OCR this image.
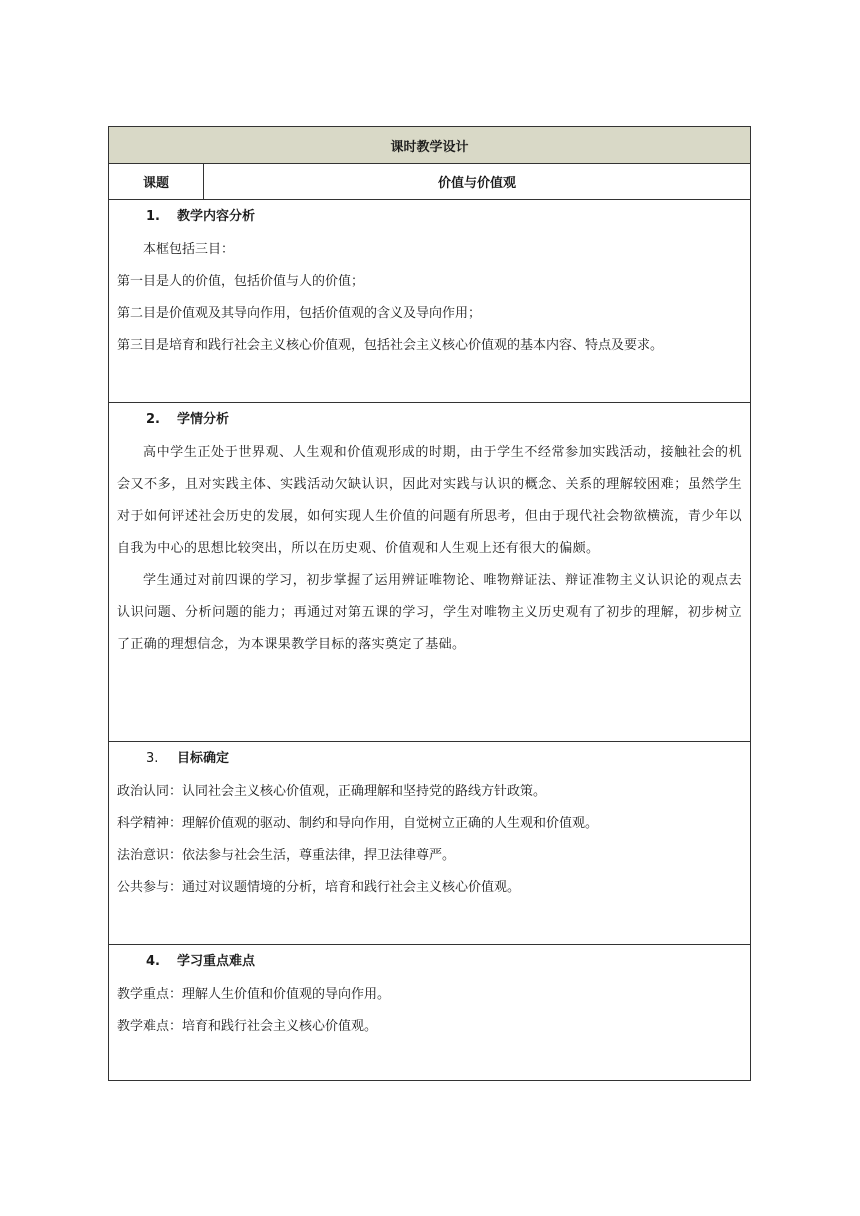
课时教学设计
课题	价值与价值观
1. 教学内容分析

本框包括三目：

第一目是人的价值，包括价值与人的价值；

第二目是价值观及其导向作用，包括价值观的含义及导向作用；

第三目是培育和践行社会主义核心价值观，包括社会主义核心价值观的基本内容、特点及要求。

2. 学情分析

高中学生正处于世界观、人生观和价值观形成的时期，由于学生不经常参加实践活动，接触社会的机会又不多，且对实践主体、实践活动欠缺认识，因此对实践与认识的概念、关系的理解较困难；虽然学生对于如何评述社会历史的发展，如何实现人生价值的问题有所思考，但由于现代社会物欲横流，青少年以自我为中心的思想比较突出，所以在历史观、价值观和人生观上还有很大的偏颇。

学生通过对前四课的学习，初步掌握了运用辨证唯物论、唯物辩证法、辩证准物主义认识论的观点去认识问题、分析问题的能力；再通过对第五课的学习，学生对唯物主义历史观有了初步的理解，初步树立了正确的理想信念，为本课果教学目标的落实奠定了基础。

3. 目标确定

政治认同：认同社会主义核心价值观，正确理解和坚持党的路线方针政策。

科学精神：理解价值观的驱动、制约和导向作用，自觉树立正确的人生观和价值观。

法治意识：依法参与社会生活，尊重法律，捍卫法律尊严。

公共参与：通过对议题情境的分析，培育和践行社会主义核心价值观。

4. 学习重点难点

教学重点：理解人生价值和价值观的导向作用。

教学难点：培育和践行社会主义核心价值观。
